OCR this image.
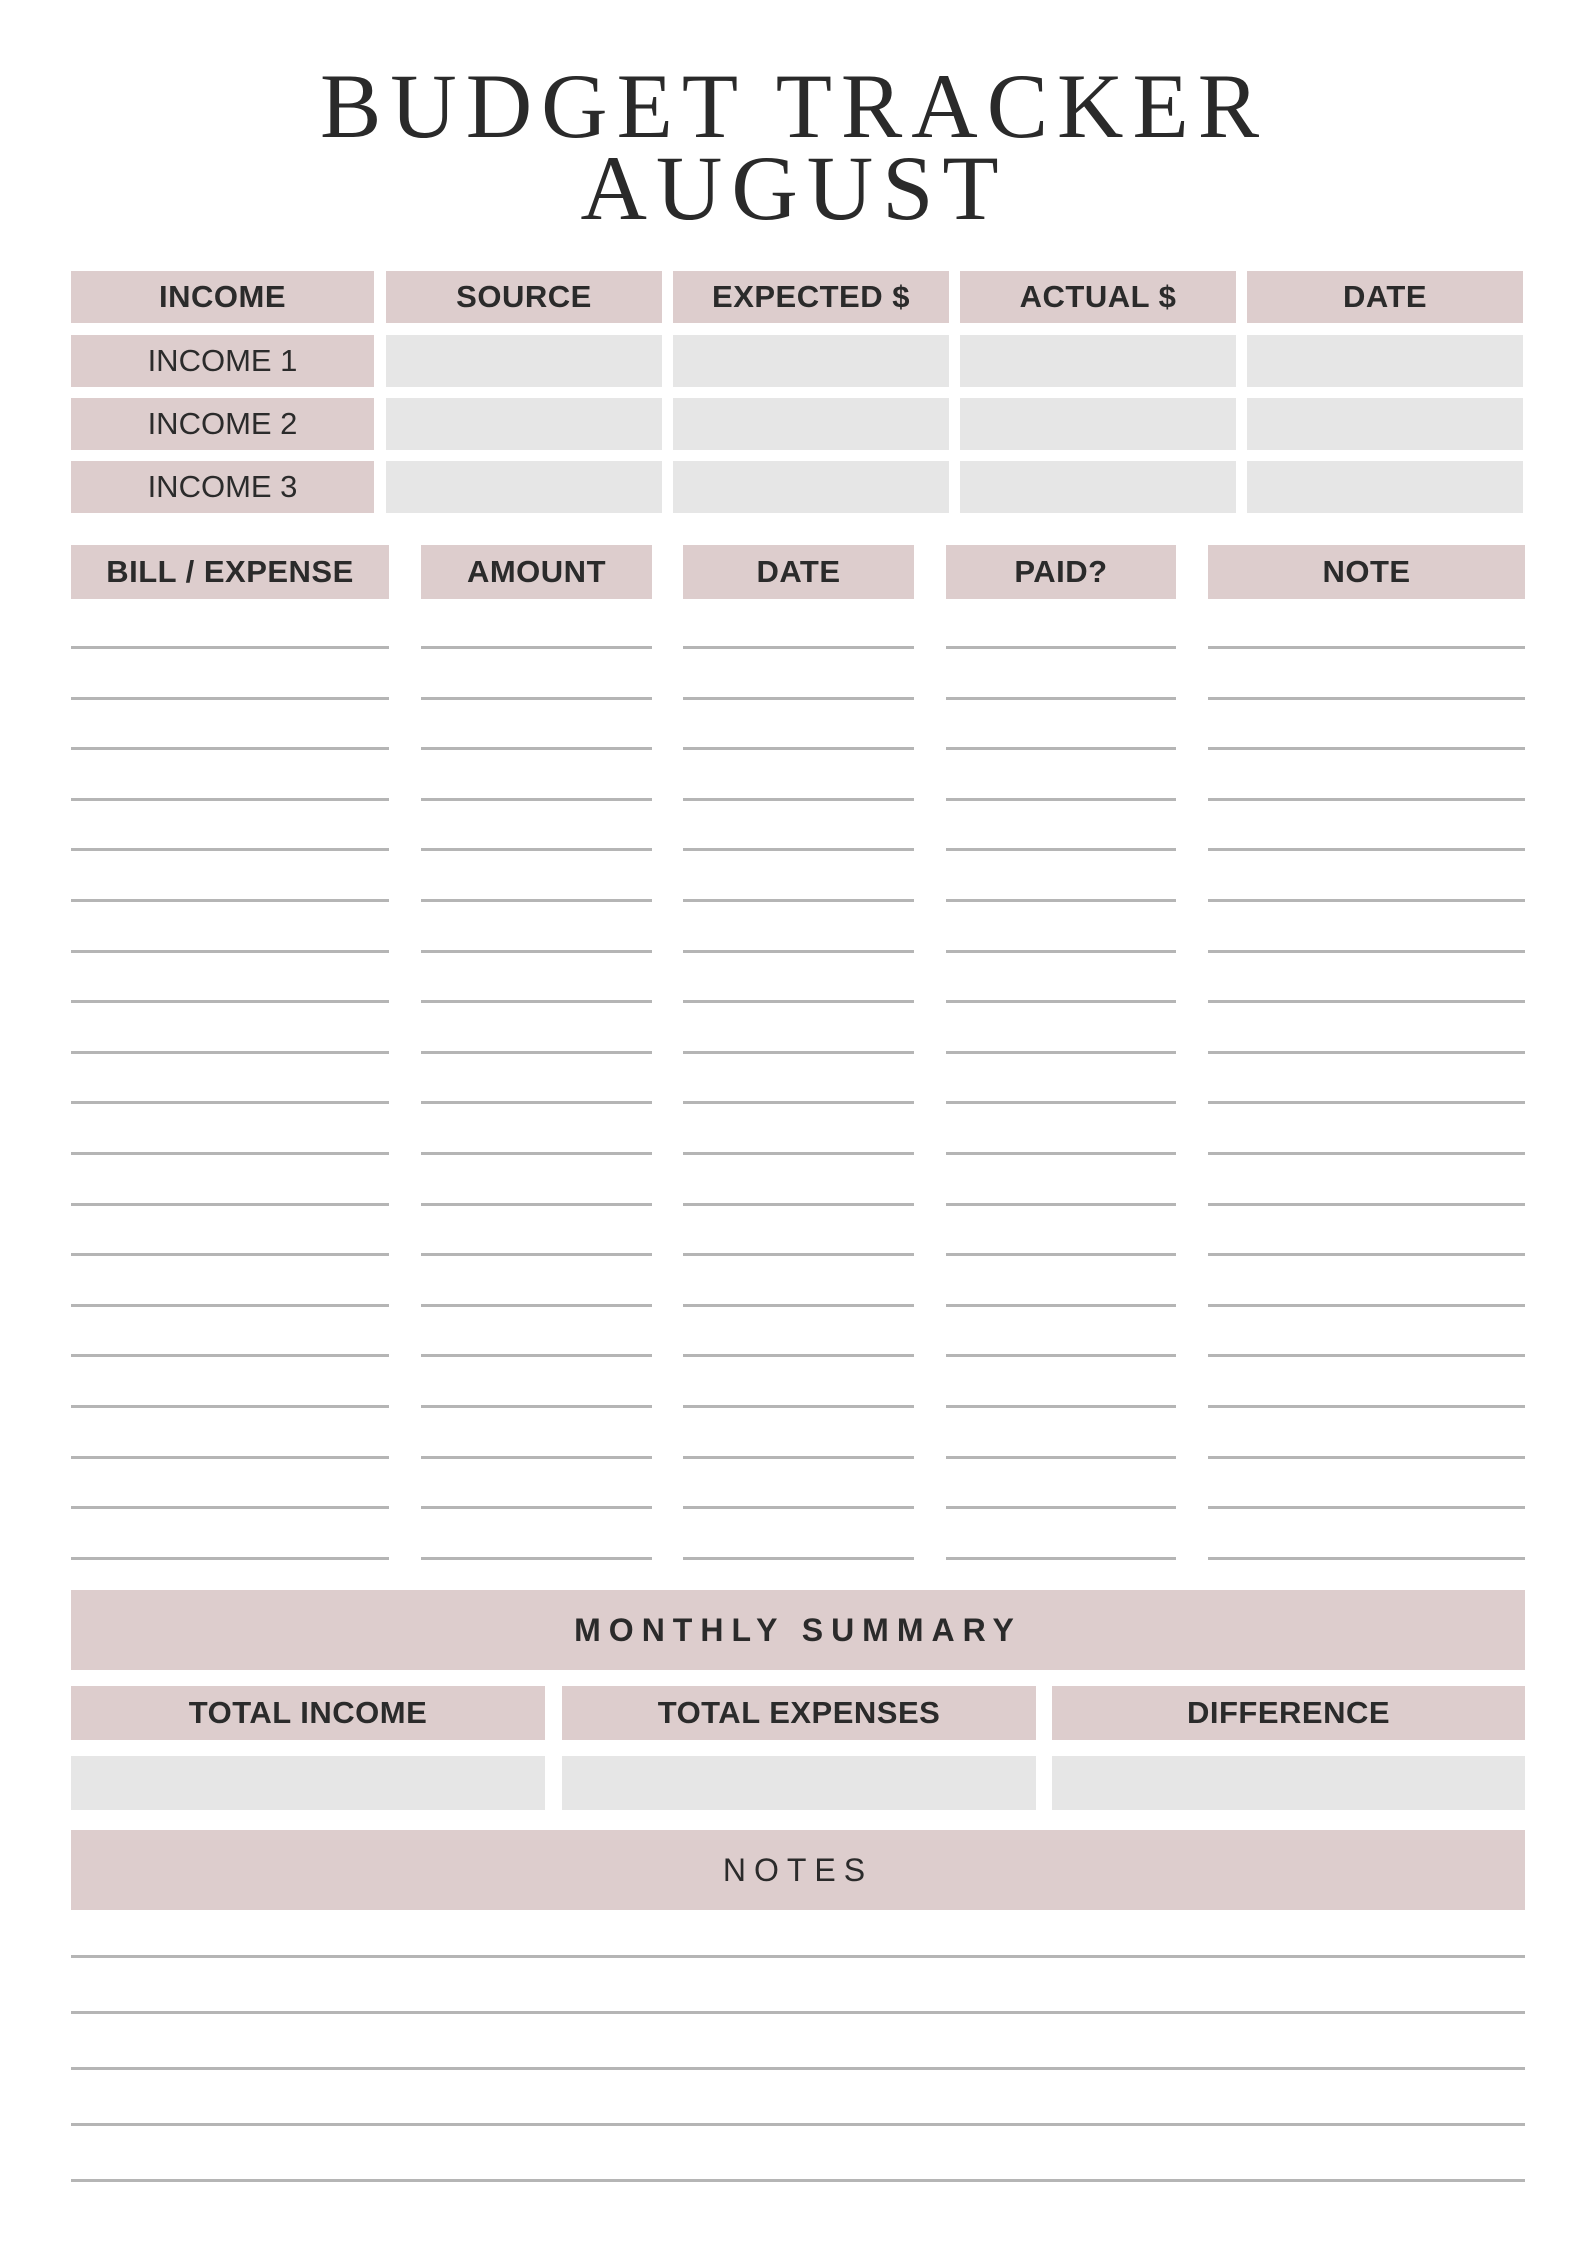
BUDGET TRACKER
AUGUST
INCOME	SOURCE	EXPECTED $	ACTUAL $	DATE
INCOME 1
INCOME 2
INCOME 3
BILL / EXPENSE	AMOUNT	DATE	PAID?	NOTE
MONTHLY SUMMARY
TOTAL INCOME	TOTAL EXPENSES	DIFFERENCE
NOTES
